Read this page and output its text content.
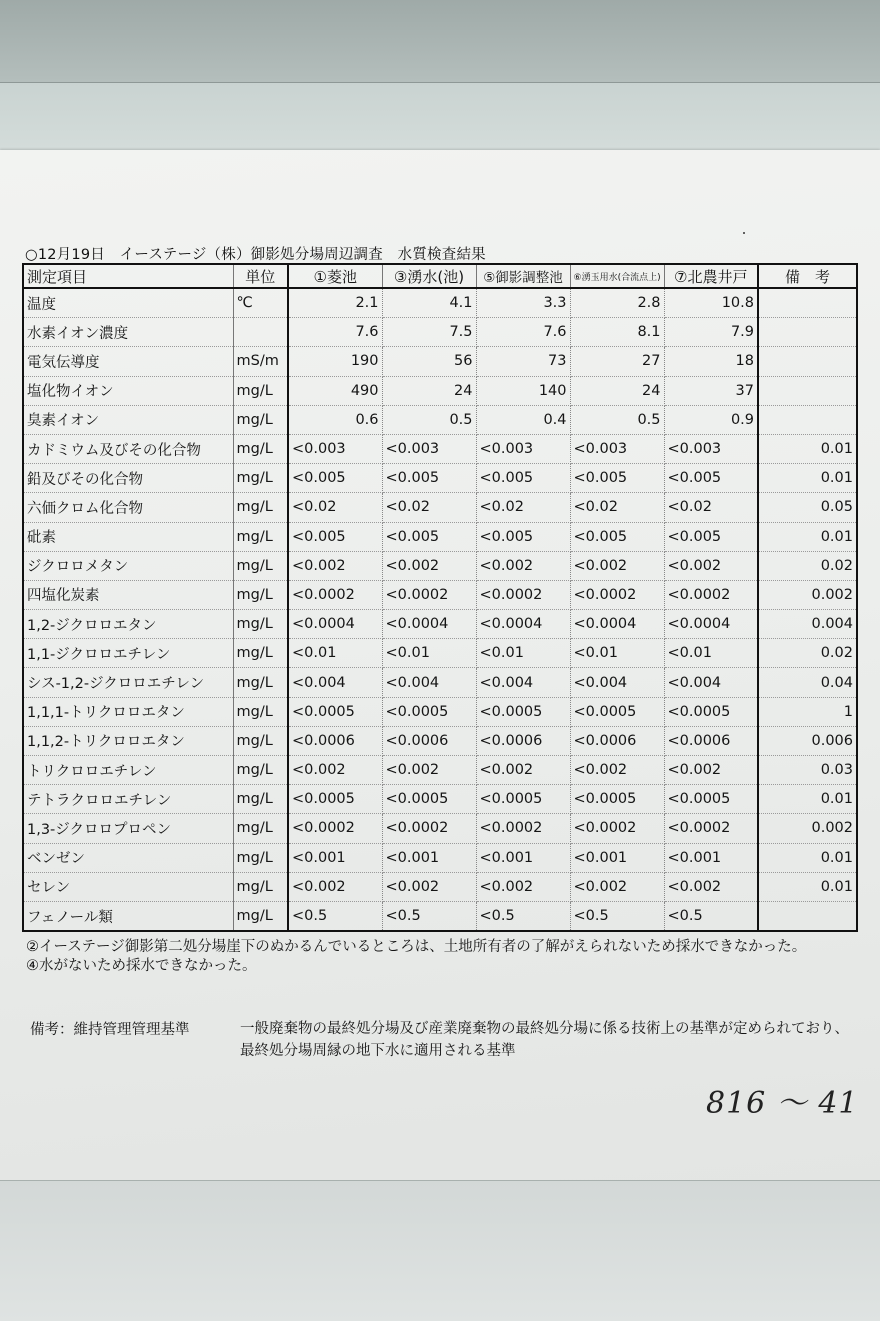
○12月19日　イーステージ（株）御影処分場周辺調査　水質検査結果
測定項目	単位	①菱池	③湧水(池)	⑤御影調整池	⑥湧玉用水(合流点上)	⑦北農井戸	備　考
温度	℃	2.1	4.1	3.3	2.8	10.8	
水素イオン濃度		7.6	7.5	7.6	8.1	7.9	
電気伝導度	mS/m	190	56	73	27	18	
塩化物イオン	mg/L	490	24	140	24	37	
臭素イオン	mg/L	0.6	0.5	0.4	0.5	0.9	
カドミウム及びその化合物	mg/L	<0.003	<0.003	<0.003	<0.003	<0.003	0.01
鉛及びその化合物	mg/L	<0.005	<0.005	<0.005	<0.005	<0.005	0.01
六価クロム化合物	mg/L	<0.02	<0.02	<0.02	<0.02	<0.02	0.05
砒素	mg/L	<0.005	<0.005	<0.005	<0.005	<0.005	0.01
ジクロロメタン	mg/L	<0.002	<0.002	<0.002	<0.002	<0.002	0.02
四塩化炭素	mg/L	<0.0002	<0.0002	<0.0002	<0.0002	<0.0002	0.002
1,2-ジクロロエタン	mg/L	<0.0004	<0.0004	<0.0004	<0.0004	<0.0004	0.004
1,1-ジクロロエチレン	mg/L	<0.01	<0.01	<0.01	<0.01	<0.01	0.02
シス-1,2-ジクロロエチレン	mg/L	<0.004	<0.004	<0.004	<0.004	<0.004	0.04
1,1,1-トリクロロエタン	mg/L	<0.0005	<0.0005	<0.0005	<0.0005	<0.0005	1
1,1,2-トリクロロエタン	mg/L	<0.0006	<0.0006	<0.0006	<0.0006	<0.0006	0.006
トリクロロエチレン	mg/L	<0.002	<0.002	<0.002	<0.002	<0.002	0.03
テトラクロロエチレン	mg/L	<0.0005	<0.0005	<0.0005	<0.0005	<0.0005	0.01
1,3-ジクロロプロペン	mg/L	<0.0002	<0.0002	<0.0002	<0.0002	<0.0002	0.002
ベンゼン	mg/L	<0.001	<0.001	<0.001	<0.001	<0.001	0.01
セレン	mg/L	<0.002	<0.002	<0.002	<0.002	<0.002	0.01
フェノール類	mg/L	<0.5	<0.5	<0.5	<0.5	<0.5	
②イーステージ御影第二処分場崖下のぬかるんでいるところは、土地所有者の了解がえられないため採水できなかった。
④水がないため採水できなかった。
備考：維持管理管理基準	一般廃棄物の最終処分場及び産業廃棄物の最終処分場に係る技術上の基準が定められており、最終処分場周縁の地下水に適用される基準
816 ～ 41
